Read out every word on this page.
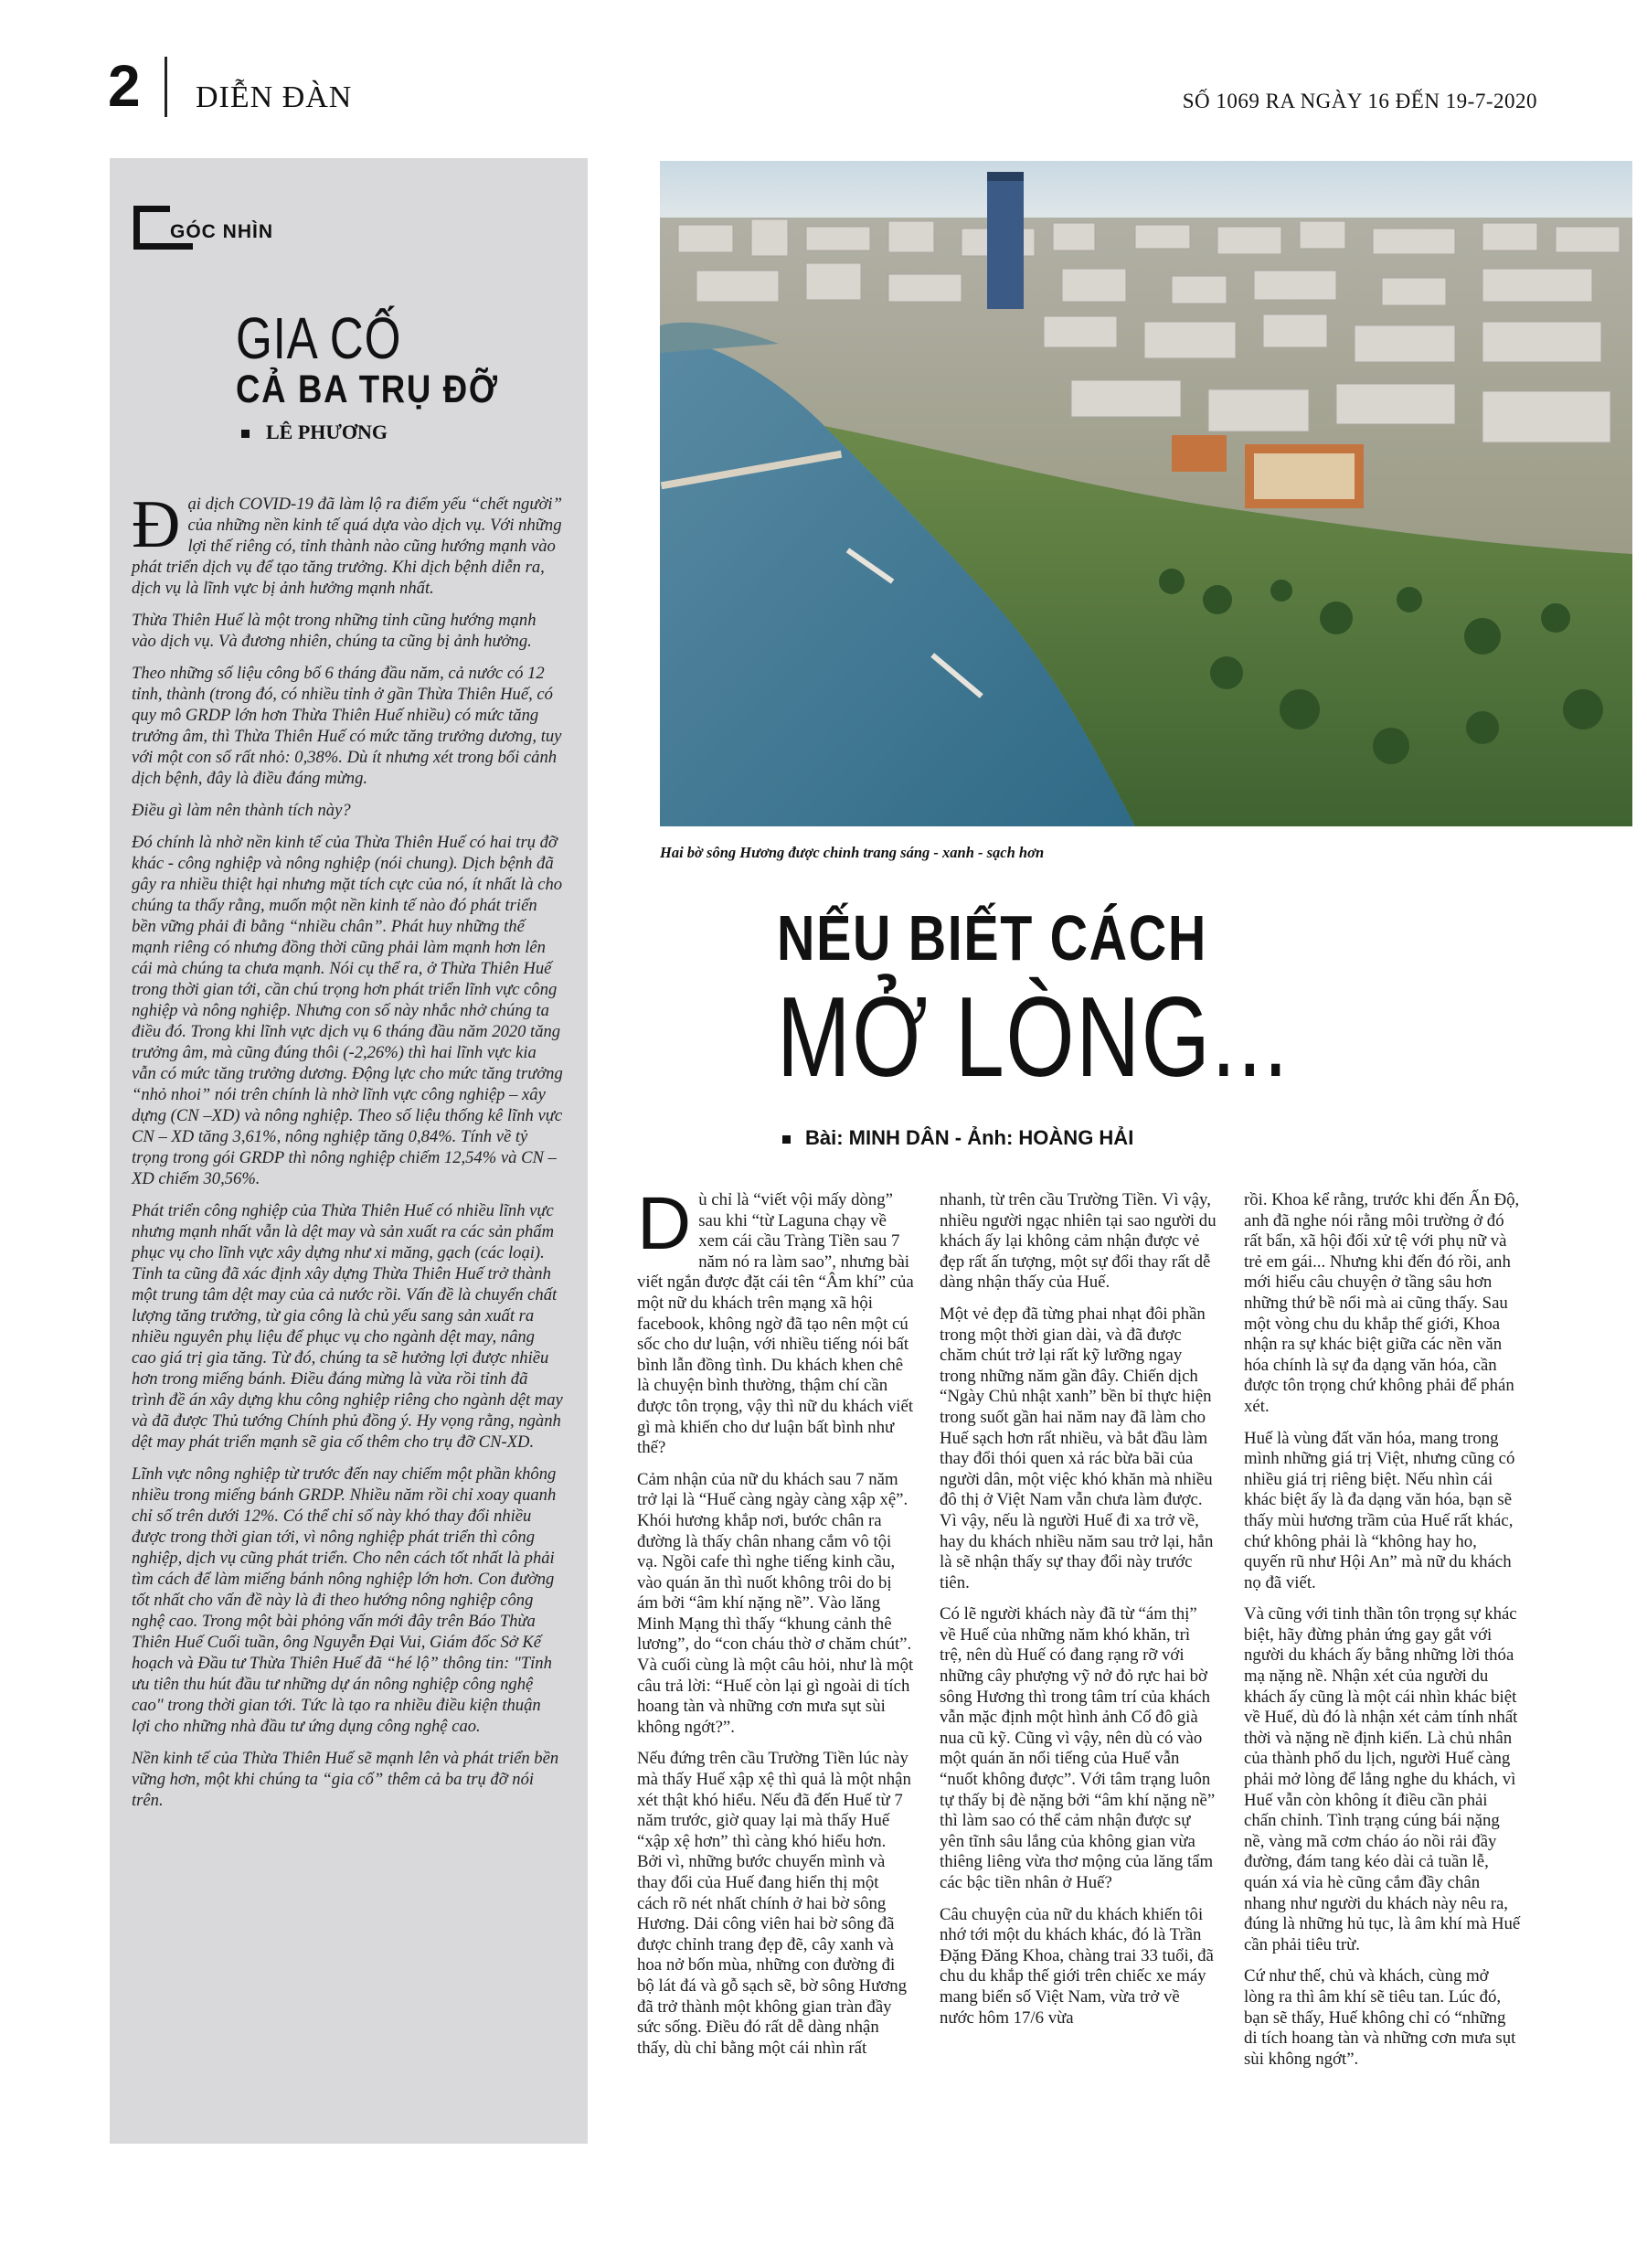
2 DIỄN ĐÀN	SỐ 1069 RA NGÀY 16 ĐẾN 19-7-2020
GÓC NHÌN
GIA CỐ
CẢ BA TRỤ ĐỠ
LÊ PHƯƠNG

Đại dịch COVID-19 đã làm lộ ra điểm yếu “chết người” của những nền kinh tế quá dựa vào dịch vụ. Với những lợi thế riêng có, tỉnh thành nào cũng hướng mạnh vào phát triển dịch vụ để tạo tăng trưởng. Khi dịch bệnh diễn ra, dịch vụ là lĩnh vực bị ảnh hưởng mạnh nhất.

Thừa Thiên Huế là một trong những tỉnh cũng hướng mạnh vào dịch vụ. Và đương nhiên, chúng ta cũng bị ảnh hưởng.

Theo những số liệu công bố 6 tháng đầu năm, cả nước có 12 tỉnh, thành (trong đó, có nhiều tỉnh ở gần Thừa Thiên Huế, có quy mô GRDP lớn hơn Thừa Thiên Huế nhiều) có mức tăng trưởng âm, thì Thừa Thiên Huế có mức tăng trưởng dương, tuy với một con số rất nhỏ: 0,38%. Dù ít nhưng xét trong bối cảnh dịch bệnh, đây là điều đáng mừng.

Điều gì làm nên thành tích này?

Đó chính là nhờ nền kinh tế của Thừa Thiên Huế có hai trụ đỡ khác - công nghiệp và nông nghiệp (nói chung). Dịch bệnh đã gây ra nhiều thiệt hại nhưng mặt tích cực của nó, ít nhất là cho chúng ta thấy rằng, muốn một nền kinh tế nào đó phát triển bền vững phải đi bằng “nhiều chân”. Phát huy những thế mạnh riêng có nhưng đồng thời cũng phải làm mạnh hơn lên cái mà chúng ta chưa mạnh. Nói cụ thể ra, ở Thừa Thiên Huế trong thời gian tới, cần chú trọng hơn phát triển lĩnh vực công nghiệp và nông nghiệp. Nhưng con số này nhắc nhở chúng ta điều đó. Trong khi lĩnh vực dịch vụ 6 tháng đầu năm 2020 tăng trưởng âm, mà cũng đúng thôi (-2,26%) thì hai lĩnh vực kia vẫn có mức tăng trưởng dương. Động lực cho mức tăng trưởng “nhỏ nhoi” nói trên chính là nhờ lĩnh vực công nghiệp – xây dựng (CN –XD) và nông nghiệp. Theo số liệu thống kê lĩnh vực CN – XD tăng 3,61%, nông nghiệp tăng 0,84%. Tính về tỷ trọng trong gói GRDP thì nông nghiệp chiếm 12,54% và CN –XD chiếm 30,56%.

Phát triển công nghiệp của Thừa Thiên Huế có nhiều lĩnh vực nhưng mạnh nhất vẫn là dệt may và sản xuất ra các sản phẩm phục vụ cho lĩnh vực xây dựng như xi măng, gạch (các loại). Tỉnh ta cũng đã xác định xây dựng Thừa Thiên Huế trở thành một trung tâm dệt may của cả nước rồi. Vấn đề là chuyển chất lượng tăng trưởng, từ gia công là chủ yếu sang sản xuất ra nhiều nguyên phụ liệu để phục vụ cho ngành dệt may, nâng cao giá trị gia tăng. Từ đó, chúng ta sẽ hưởng lợi được nhiều hơn trong miếng bánh. Điều đáng mừng là vừa rồi tỉnh đã trình đề án xây dựng khu công nghiệp riêng cho ngành dệt may và đã được Thủ tướng Chính phủ đồng ý. Hy vọng rằng, ngành dệt may phát triển mạnh sẽ gia cố thêm cho trụ đỡ CN-XD.

Lĩnh vực nông nghiệp từ trước đến nay chiếm một phần không nhiều trong miếng bánh GRDP. Nhiều năm rồi chỉ xoay quanh chỉ số trên dưới 12%. Có thể chỉ số này khó thay đổi nhiều được trong thời gian tới, vì nông nghiệp phát triển thì công nghiệp, dịch vụ cũng phát triển. Cho nên cách tốt nhất là phải tìm cách để làm miếng bánh nông nghiệp lớn hơn. Con đường tốt nhất cho vấn đề này là đi theo hướng nông nghiệp công nghệ cao. Trong một bài phỏng vấn mới đây trên Báo Thừa Thiên Huế Cuối tuần, ông Nguyễn Đại Vui, Giám đốc Sở Kế hoạch và Đầu tư Thừa Thiên Huế đã “hé lộ” thông tin: "Tỉnh ưu tiên thu hút đầu tư những dự án nông nghiệp công nghệ cao" trong thời gian tới. Tức là tạo ra nhiều điều kiện thuận lợi cho những nhà đầu tư ứng dụng công nghệ cao.

Nền kinh tế của Thừa Thiên Huế sẽ mạnh lên và phát triển bền vững hơn, một khi chúng ta “gia cố” thêm cả ba trụ đỡ nói trên.

Hai bờ sông Hương được chỉnh trang sáng - xanh - sạch hơn
NẾU BIẾT CÁCH
MỞ LÒNG...
Bài: MINH DÂN - Ảnh: HOÀNG HẢI

Dù chỉ là “viết vội mấy dòng” sau khi “từ Laguna chạy về xem cái cầu Tràng Tiền sau 7 năm nó ra làm sao”, nhưng bài viết ngắn được đặt cái tên “Âm khí” của một nữ du khách trên mạng xã hội facebook, không ngờ đã tạo nên một cú sốc cho dư luận, với nhiều tiếng nói bất bình lẫn đồng tình. Du khách khen chê là chuyện bình thường, thậm chí cần được tôn trọng, vậy thì nữ du khách viết gì mà khiến cho dư luận bất bình như thế?

Cảm nhận của nữ du khách sau 7 năm trở lại là “Huế càng ngày càng xập xệ”. Khói hương khắp nơi, bước chân ra đường là thấy chân nhang cắm vô tội vạ. Ngồi cafe thì nghe tiếng kinh cầu, vào quán ăn thì nuốt không trôi do bị ám bởi “âm khí nặng nề”. Vào lăng Minh Mạng thì thấy “khung cảnh thê lương”, do “con cháu thờ ơ chăm chút”. Và cuối cùng là một câu hỏi, như là một câu trả lời: “Huế còn lại gì ngoài di tích hoang tàn và những cơn mưa sụt sùi không ngớt?”.

Nếu đứng trên cầu Trường Tiền lúc này mà thấy Huế xập xệ thì quả là một nhận xét thật khó hiểu. Nếu đã đến Huế từ 7 năm trước, giờ quay lại mà thấy Huế “xập xệ hơn” thì càng khó hiểu hơn. Bởi vì, những bước chuyển mình và thay đổi của Huế đang hiển thị một cách rõ nét nhất chính ở hai bờ sông Hương. Dải công viên hai bờ sông đã được chỉnh trang đẹp đẽ, cây xanh và hoa nở bốn mùa, những con đường đi bộ lát đá và gỗ sạch sẽ, bờ sông Hương đã trở thành một không gian tràn đầy sức sống. Điều đó rất dễ dàng nhận thấy, dù chỉ bằng một cái nhìn rất

nhanh, từ trên cầu Trường Tiền. Vì vậy, nhiều người ngạc nhiên tại sao người du khách ấy lại không cảm nhận được vẻ đẹp rất ấn tượng, một sự đổi thay rất dễ dàng nhận thấy của Huế.

Một vẻ đẹp đã từng phai nhạt đôi phần trong một thời gian dài, và đã được chăm chút trở lại rất kỹ lưỡng ngay trong những năm gần đây. Chiến dịch “Ngày Chủ nhật xanh” bền bỉ thực hiện trong suốt gần hai năm nay đã làm cho Huế sạch hơn rất nhiều, và bắt đầu làm thay đổi thói quen xả rác bừa bãi của người dân, một việc khó khăn mà nhiều đô thị ở Việt Nam vẫn chưa làm được. Vì vậy, nếu là người Huế đi xa trở về, hay du khách nhiều năm sau trở lại, hẳn là sẽ nhận thấy sự thay đổi này trước tiên.

Có lẽ người khách này đã từ “ám thị” về Huế của những năm khó khăn, trì trệ, nên dù Huế có đang rạng rỡ với những cây phượng vỹ nở đỏ rực hai bờ sông Hương thì trong tâm trí của khách vẫn mặc định một hình ảnh Cố đô già nua cũ kỹ. Cũng vì vậy, nên dù có vào một quán ăn nổi tiếng của Huế vẫn “nuốt không được”. Với tâm trạng luôn tự thấy bị đè nặng bởi “âm khí nặng nề” thì làm sao có thể cảm nhận được sự yên tĩnh sâu lắng của không gian vừa thiêng liêng vừa thơ mộng của lăng tẩm các bậc tiền nhân ở Huế?

Câu chuyện của nữ du khách khiến tôi nhớ tới một du khách khác, đó là Trần Đặng Đăng Khoa, chàng trai 33 tuổi, đã chu du khắp thế giới trên chiếc xe máy mang biển số Việt Nam, vừa trở về nước hôm 17/6 vừa

rồi. Khoa kể rằng, trước khi đến Ấn Độ, anh đã nghe nói rằng môi trường ở đó rất bẩn, xã hội đối xử tệ với phụ nữ và trẻ em gái... Nhưng khi đến đó rồi, anh mới hiểu câu chuyện ở tầng sâu hơn những thứ bề nổi mà ai cũng thấy. Sau một vòng chu du khắp thế giới, Khoa nhận ra sự khác biệt giữa các nền văn hóa chính là sự đa dạng văn hóa, cần được tôn trọng chứ không phải để phán xét.

Huế là vùng đất văn hóa, mang trong mình những giá trị Việt, nhưng cũng có nhiều giá trị riêng biệt. Nếu nhìn cái khác biệt ấy là đa dạng văn hóa, bạn sẽ thấy mùi hương trầm của Huế rất khác, chứ không phải là “không hay ho, quyến rũ như Hội An” mà nữ du khách nọ đã viết.

Và cũng với tinh thần tôn trọng sự khác biệt, hãy đừng phản ứng gay gắt với người du khách ấy bằng những lời thóa mạ nặng nề. Nhận xét của người du khách ấy cũng là một cái nhìn khác biệt về Huế, dù đó là nhận xét cảm tính nhất thời và nặng nề định kiến. Là chủ nhân của thành phố du lịch, người Huế càng phải mở lòng để lắng nghe du khách, vì Huế vẫn còn không ít điều cần phải chấn chỉnh. Tình trạng cúng bái nặng nề, vàng mã cơm cháo áo nồi rải đầy đường, đám tang kéo dài cả tuần lễ, quán xá vỉa hè cũng cắm đầy chân nhang như người du khách này nêu ra, đúng là những hủ tục, là âm khí mà Huế cần phải tiêu trừ.

Cứ như thế, chủ và khách, cùng mở lòng ra thì âm khí sẽ tiêu tan. Lúc đó, bạn sẽ thấy, Huế không chỉ có “những di tích hoang tàn và những cơn mưa sụt sùi không ngớt”.
